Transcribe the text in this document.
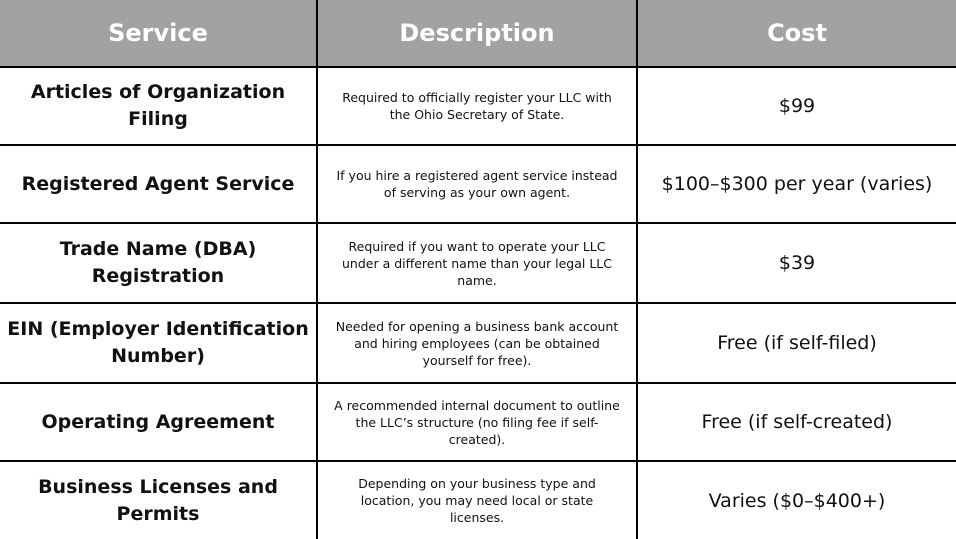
Service	Description	Cost
Articles of Organization Filing	Required to officially register your LLC with the Ohio Secretary of State.	$99
Registered Agent Service	If you hire a registered agent service instead of serving as your own agent.	$100–$300 per year (varies)
Trade Name (DBA) Registration	Required if you want to operate your LLC under a different name than your legal LLC name.	$39
EIN (Employer Identification Number)	Needed for opening a business bank account and hiring employees (can be obtained yourself for free).	Free (if self-filed)
Operating Agreement	A recommended internal document to outline the LLC’s structure (no filing fee if self-created).	Free (if self-created)
Business Licenses and Permits	Depending on your business type and location, you may need local or state licenses.	Varies ($0–$400+)
